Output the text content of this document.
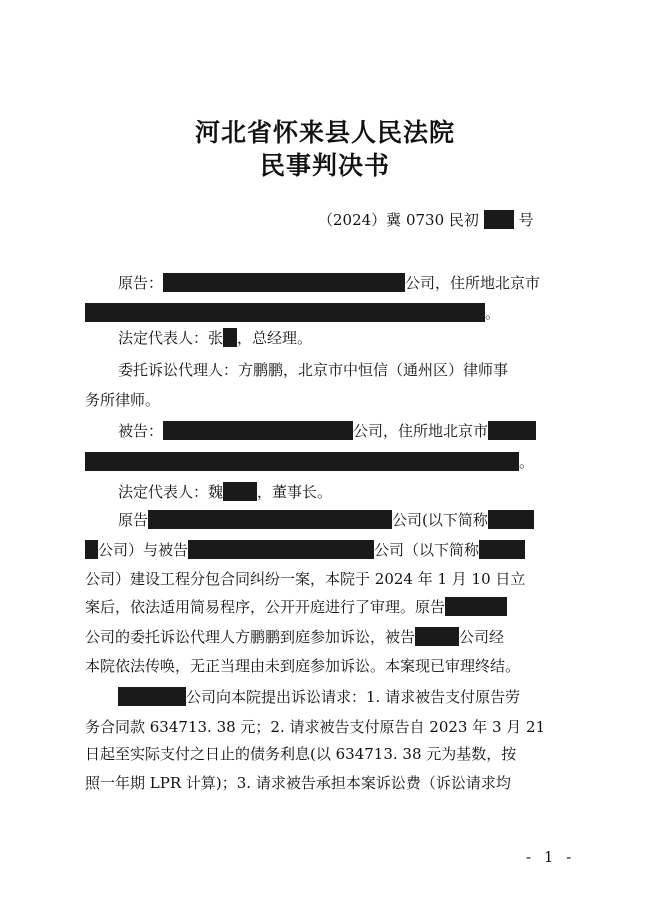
河北省怀来县人民法院
民事判决书
（2024）冀 0730 民初	号
原告：	公司，住所地北京市
。
法定代表人：张 ，总经理。
委托诉讼代理人：方鹏鹏，北京市中恒信（通州区）律师事
务所律师。
被告：	公司，住所地北京市
。
法定代表人：魏 ，董事长。
原告	公司(以下简称
公司）与被告	公司（以下简称
公司）建设工程分包合同纠纷一案，本院于 2024 年 1 月 10 日立
案后，依法适用简易程序，公开开庭进行了审理。原告
公司的委托诉讼代理人方鹏鹏到庭参加诉讼，被告	公司经
本院依法传唤，无正当理由未到庭参加诉讼。本案现已审理终结。
公司向本院提出诉讼请求：1. 请求被告支付原告劳
务合同款 634713. 38 元；2. 请求被告支付原告自 2023 年 3 月 21
日起至实际支付之日止的债务利息(以 634713. 38 元为基数，按
照一年期 LPR 计算)；3. 请求被告承担本案诉讼费（诉讼请求均
- 1 -
